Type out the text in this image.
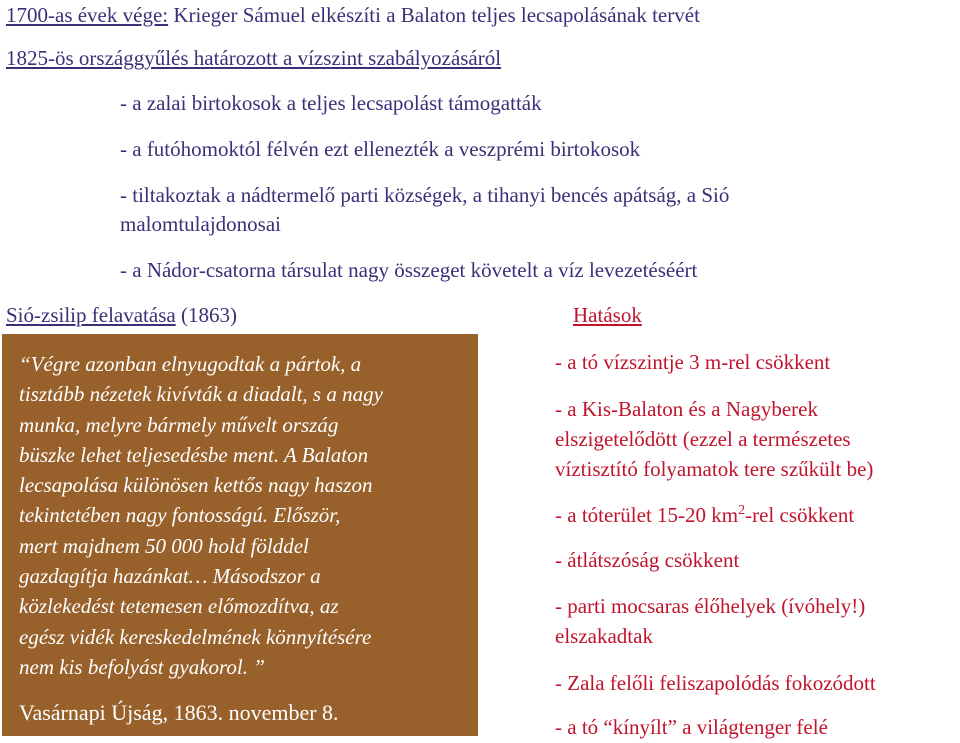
1700-as évek vége: Krieger Sámuel elkészíti a Balaton teljes lecsapolásának tervét
1825-ös országgyűlés határozott a vízszint szabályozásáról
- a zalai birtokosok a teljes lecsapolást támogatták
- a futóhomoktól félvén ezt ellenezték a veszprémi birtokosok
- tiltakoztak a nádtermelő parti községek, a tihanyi bencés apátság, a Sió
malomtulajdonosai
- a Nádor-csatorna társulat nagy összeget követelt a víz levezetéséért
Sió-zsilip felavatása (1863)	Hatások
“Végre azonban elnyugodtak a pártok, a
tisztább nézetek kivívták a diadalt, s a nagy
munka, melyre bármely művelt ország
büszke lehet teljesedésbe ment. A Balaton
lecsapolása különösen kettős nagy haszon
tekintetében nagy fontosságú. Először,
mert majdnem 50 000 hold földdel
gazdagítja hazánkat… Másodszor a
közlekedést tetemesen előmozdítva, az
egész vidék kereskedelmének könnyítésére
nem kis befolyást gyakorol. ”
Vasárnapi Újság, 1863. november 8.
- a tó vízszintje 3 m-rel csökkent
- a Kis-Balaton és a Nagyberek
elszigetelődött (ezzel a természetes
víztisztító folyamatok tere szűkült be)
- a tóterület 15-20 $km^2$-rel csökkent
- átlátszóság csökkent
- parti mocsaras élőhelyek (ívóhely!)
elszakadtak
- Zala felőli feliszapolódás fokozódott
- a tó “kínyílt” a világtenger felé
